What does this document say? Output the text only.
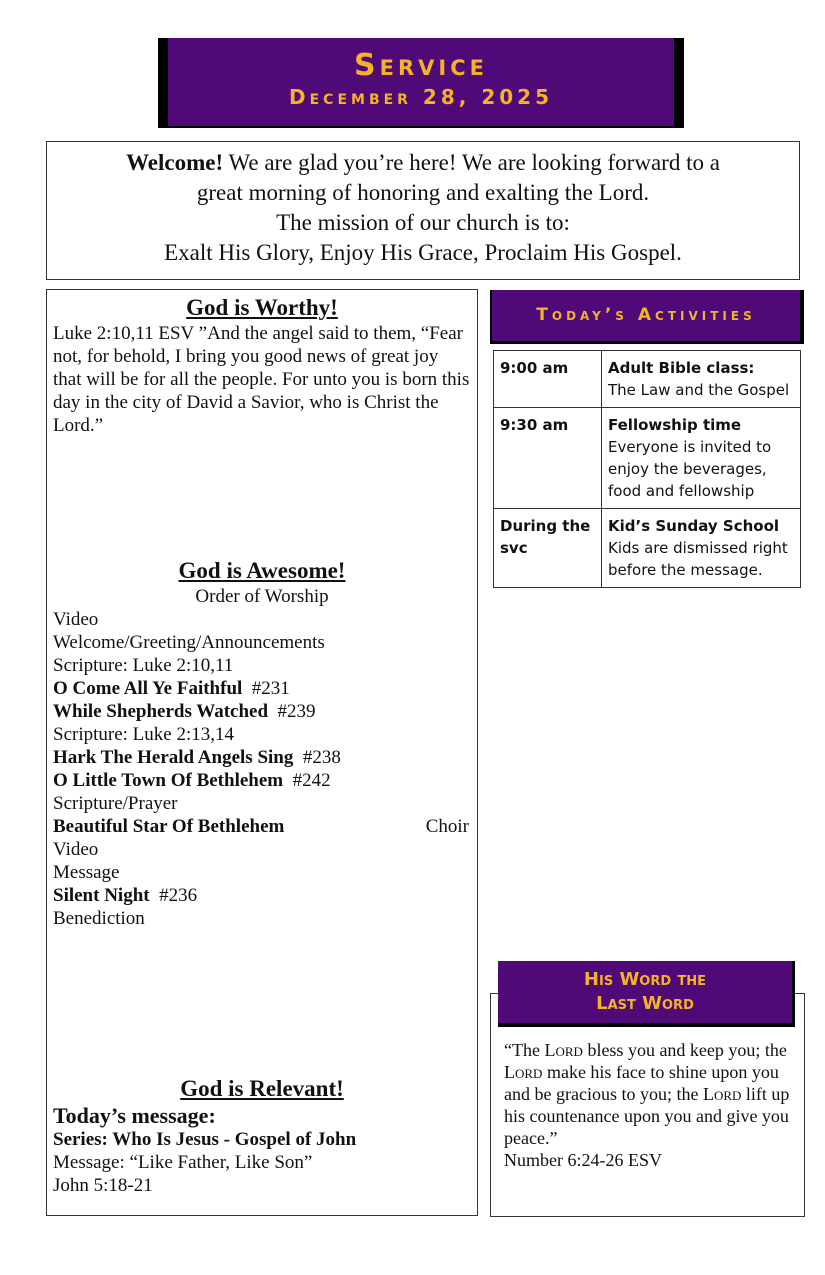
Service
December 28, 2025
Welcome! We are glad you’re here! We are looking forward to a
great morning of honoring and exalting the Lord.
The mission of our church is to:
Exalt His Glory, Enjoy His Grace, Proclaim His Gospel.
God is Worthy!
Luke 2:10,11 ESV ”And the angel said to them, “Fear not, for behold, I bring you good news of great joy that will be for all the people. For unto you is born this day in the city of David a Savior, who is Christ the Lord.”
God is Awesome!
Order of Worship
Video
Welcome/Greeting/Announcements
Scripture: Luke 2:10,11
O Come All Ye Faithful  #231
While Shepherds Watched  #239
Scripture: Luke 2:13,14
Hark The Herald Angels Sing  #238
O Little Town Of Bethlehem  #242
Scripture/Prayer
Beautiful Star Of Bethlehem	Choir
Video
Message
Silent Night  #236
Benediction
God is Relevant!
Today’s message:
Series: Who Is Jesus - Gospel of John
Message: “Like Father, Like Son”
John 5:18-21
Today’s Activities
9:00 am	Adult Bible class:
The Law and the Gospel

9:30 am	Fellowship time
Everyone is invited to enjoy the beverages, food and fellowship

During the svc	Kid’s Sunday School
Kids are dismissed right before the message.
His Word the
Last Word
“The Lord bless you and keep you; the Lord make his face to shine upon you and be gracious to you; the Lord lift up his countenance upon you and give you peace.”
Number 6:24-26 ESV
